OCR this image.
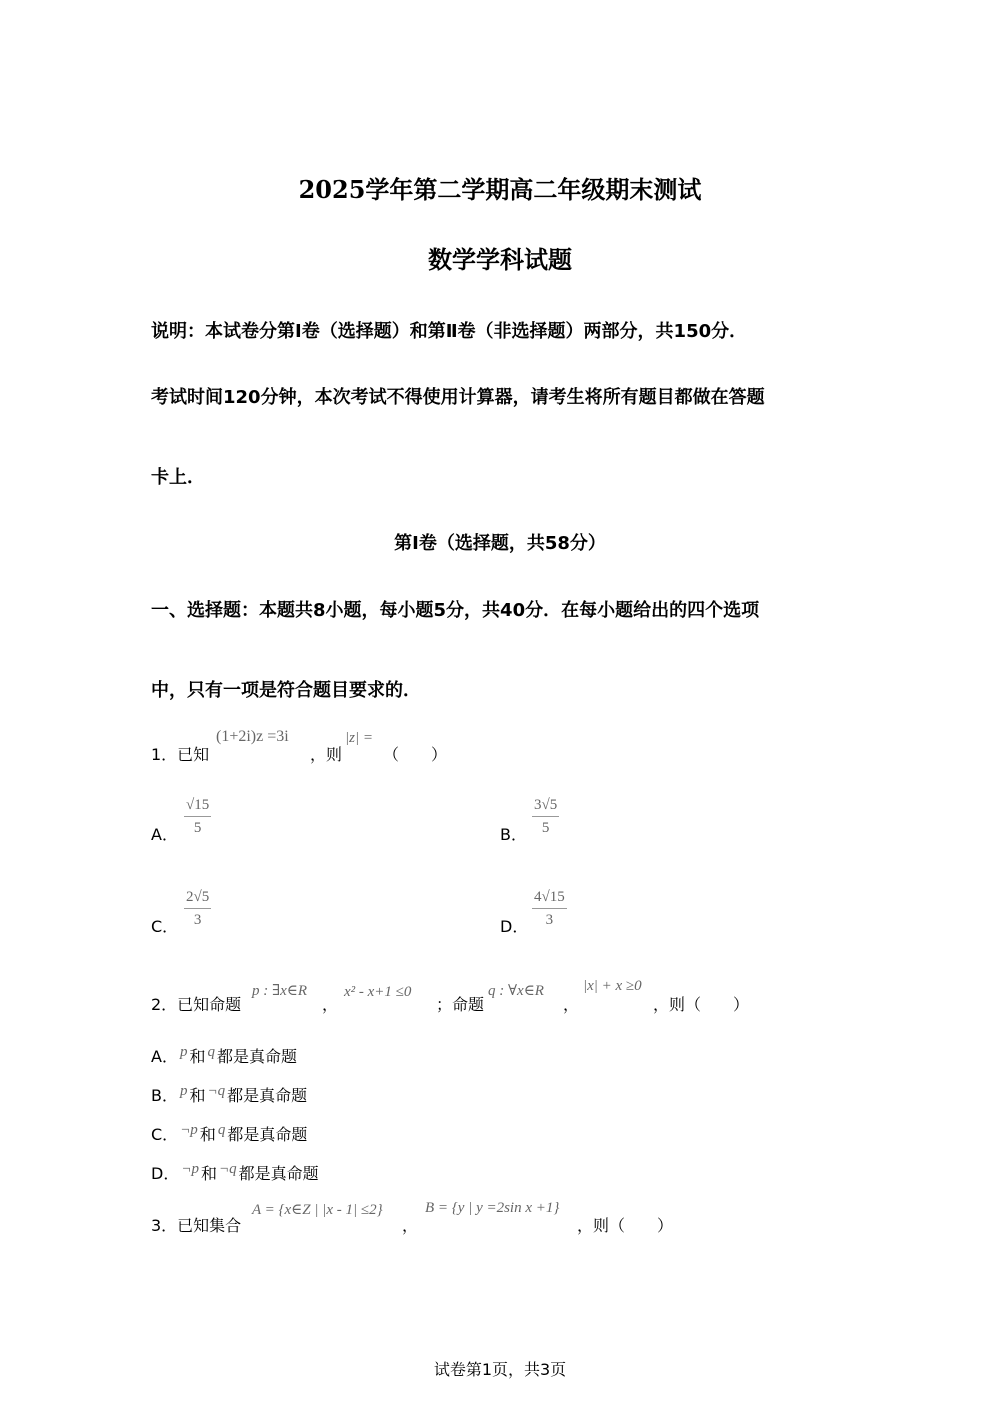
2025学年第二学期高二年级期末测试
数学学科试题
说明：本试卷分第Ⅰ卷（选择题）和第Ⅱ卷（非选择题）两部分，共150分．
考试时间120分钟，本次考试不得使用计算器，请考生将所有题目都做在答题
卡上．
第Ⅰ卷（选择题，共58分）
一、选择题：本题共8小题，每小题5分，共40分．在每小题给出的四个选项
中，只有一项是符合题目要求的．
1．已知
(1+2i)z =3i
，则
|z| =
（　　）
A． $\frac{√15}{5}$	B． $\frac{3√5}{5}$
C． $\frac{2√5}{3}$	D． $\frac{4√15}{3}$
2．已知命题
p : ∃x∈R
，
x² - x+1 ≤0
；命题
q : ∀x∈R
，
|x| + x ≥0
，则（　　）
A． p 和 q 都是真命题
B． p 和 ¬q 都是真命题
C． ¬p 和 q 都是真命题
D． ¬p 和 ¬q 都是真命题
3．已知集合
A = {x∈Z | |x - 1| ≤2}
，
B = {y | y =2sin x +1}
，则（　　）
试卷第1页，共3页
